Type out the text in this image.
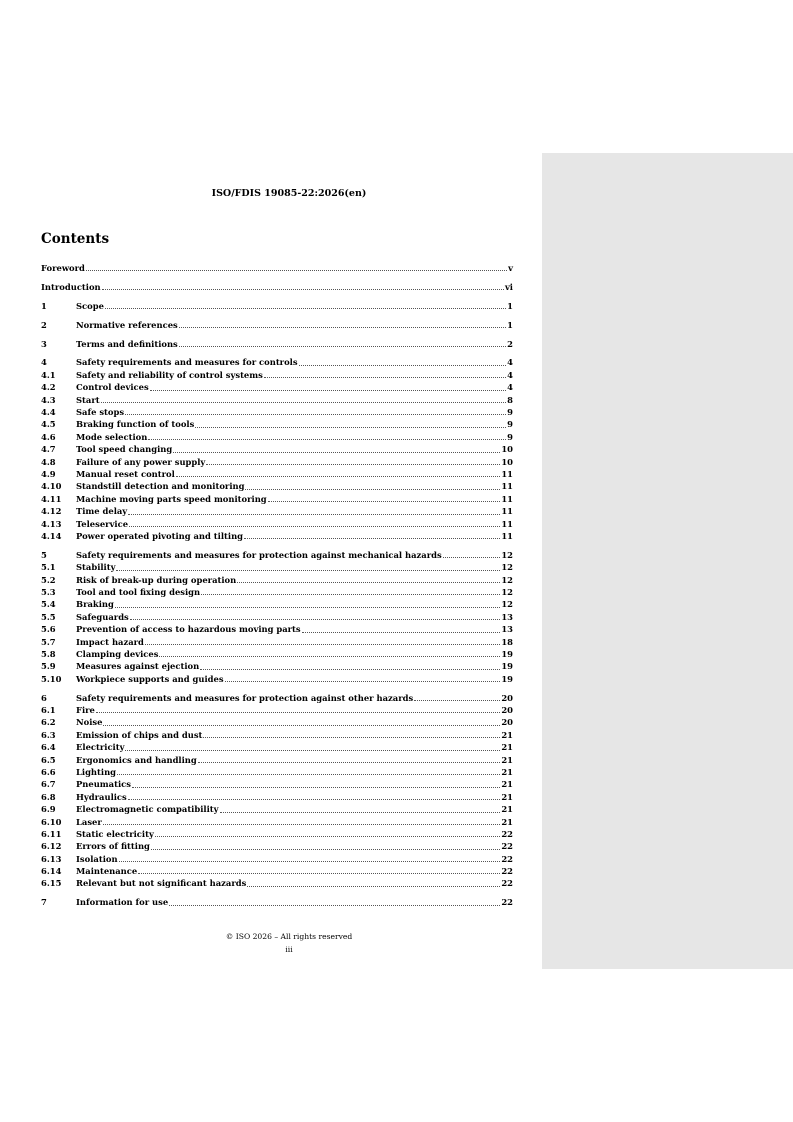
ISO/FDIS 19085-22:2026(en)
Contents
Foreword	v
Introduction	vi
1	Scope	1
2	Normative references	1
3	Terms and definitions	2
4	Safety requirements and measures for controls	4
4.1	Safety and reliability of control systems	4
4.2	Control devices	4
4.3	Start	8
4.4	Safe stops	9
4.5	Braking function of tools	9
4.6	Mode selection	9
4.7	Tool speed changing	10
4.8	Failure of any power supply	10
4.9	Manual reset control	11
4.10	Standstill detection and monitoring	11
4.11	Machine moving parts speed monitoring	11
4.12	Time delay	11
4.13	Teleservice	11
4.14	Power operated pivoting and tilting	11
5	Safety requirements and measures for protection against mechanical hazards	12
5.1	Stability	12
5.2	Risk of break-up during operation	12
5.3	Tool and tool fixing design	12
5.4	Braking	12
5.5	Safeguards	13
5.6	Prevention of access to hazardous moving parts	13
5.7	Impact hazard	18
5.8	Clamping devices	19
5.9	Measures against ejection	19
5.10	Workpiece supports and guides	19
6	Safety requirements and measures for protection against other hazards	20
6.1	Fire	20
6.2	Noise	20
6.3	Emission of chips and dust	21
6.4	Electricity	21
6.5	Ergonomics and handling	21
6.6	Lighting	21
6.7	Pneumatics	21
6.8	Hydraulics	21
6.9	Electromagnetic compatibility	21
6.10	Laser	21
6.11	Static electricity	22
6.12	Errors of fitting	22
6.13	Isolation	22
6.14	Maintenance	22
6.15	Relevant but not significant hazards	22
7	Information for use	22
© ISO 2026 – All rights reserved
iii
